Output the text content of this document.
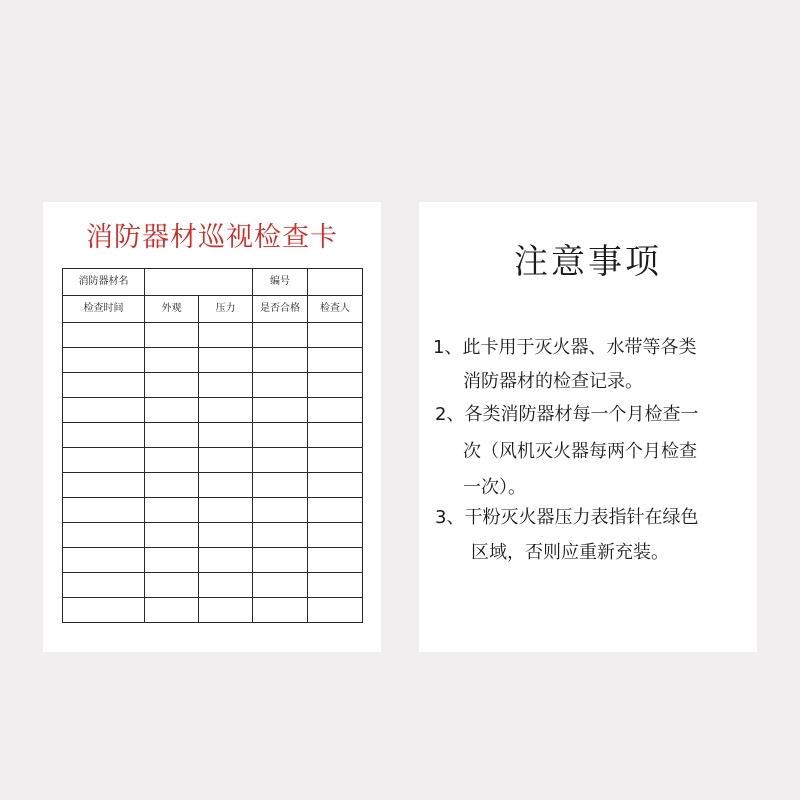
消防器材巡视检查卡
消防器材名			编号	
检查时间	外观	压力	是否合格	检查人

注意事项
1、此卡用于灭火器、水带等各类
消防器材的检查记录。
2、各类消防器材每一个月检查一
次（风机灭火器每两个月检查
一次）。
3、干粉灭火器压力表指针在绿色
区域，否则应重新充装。
